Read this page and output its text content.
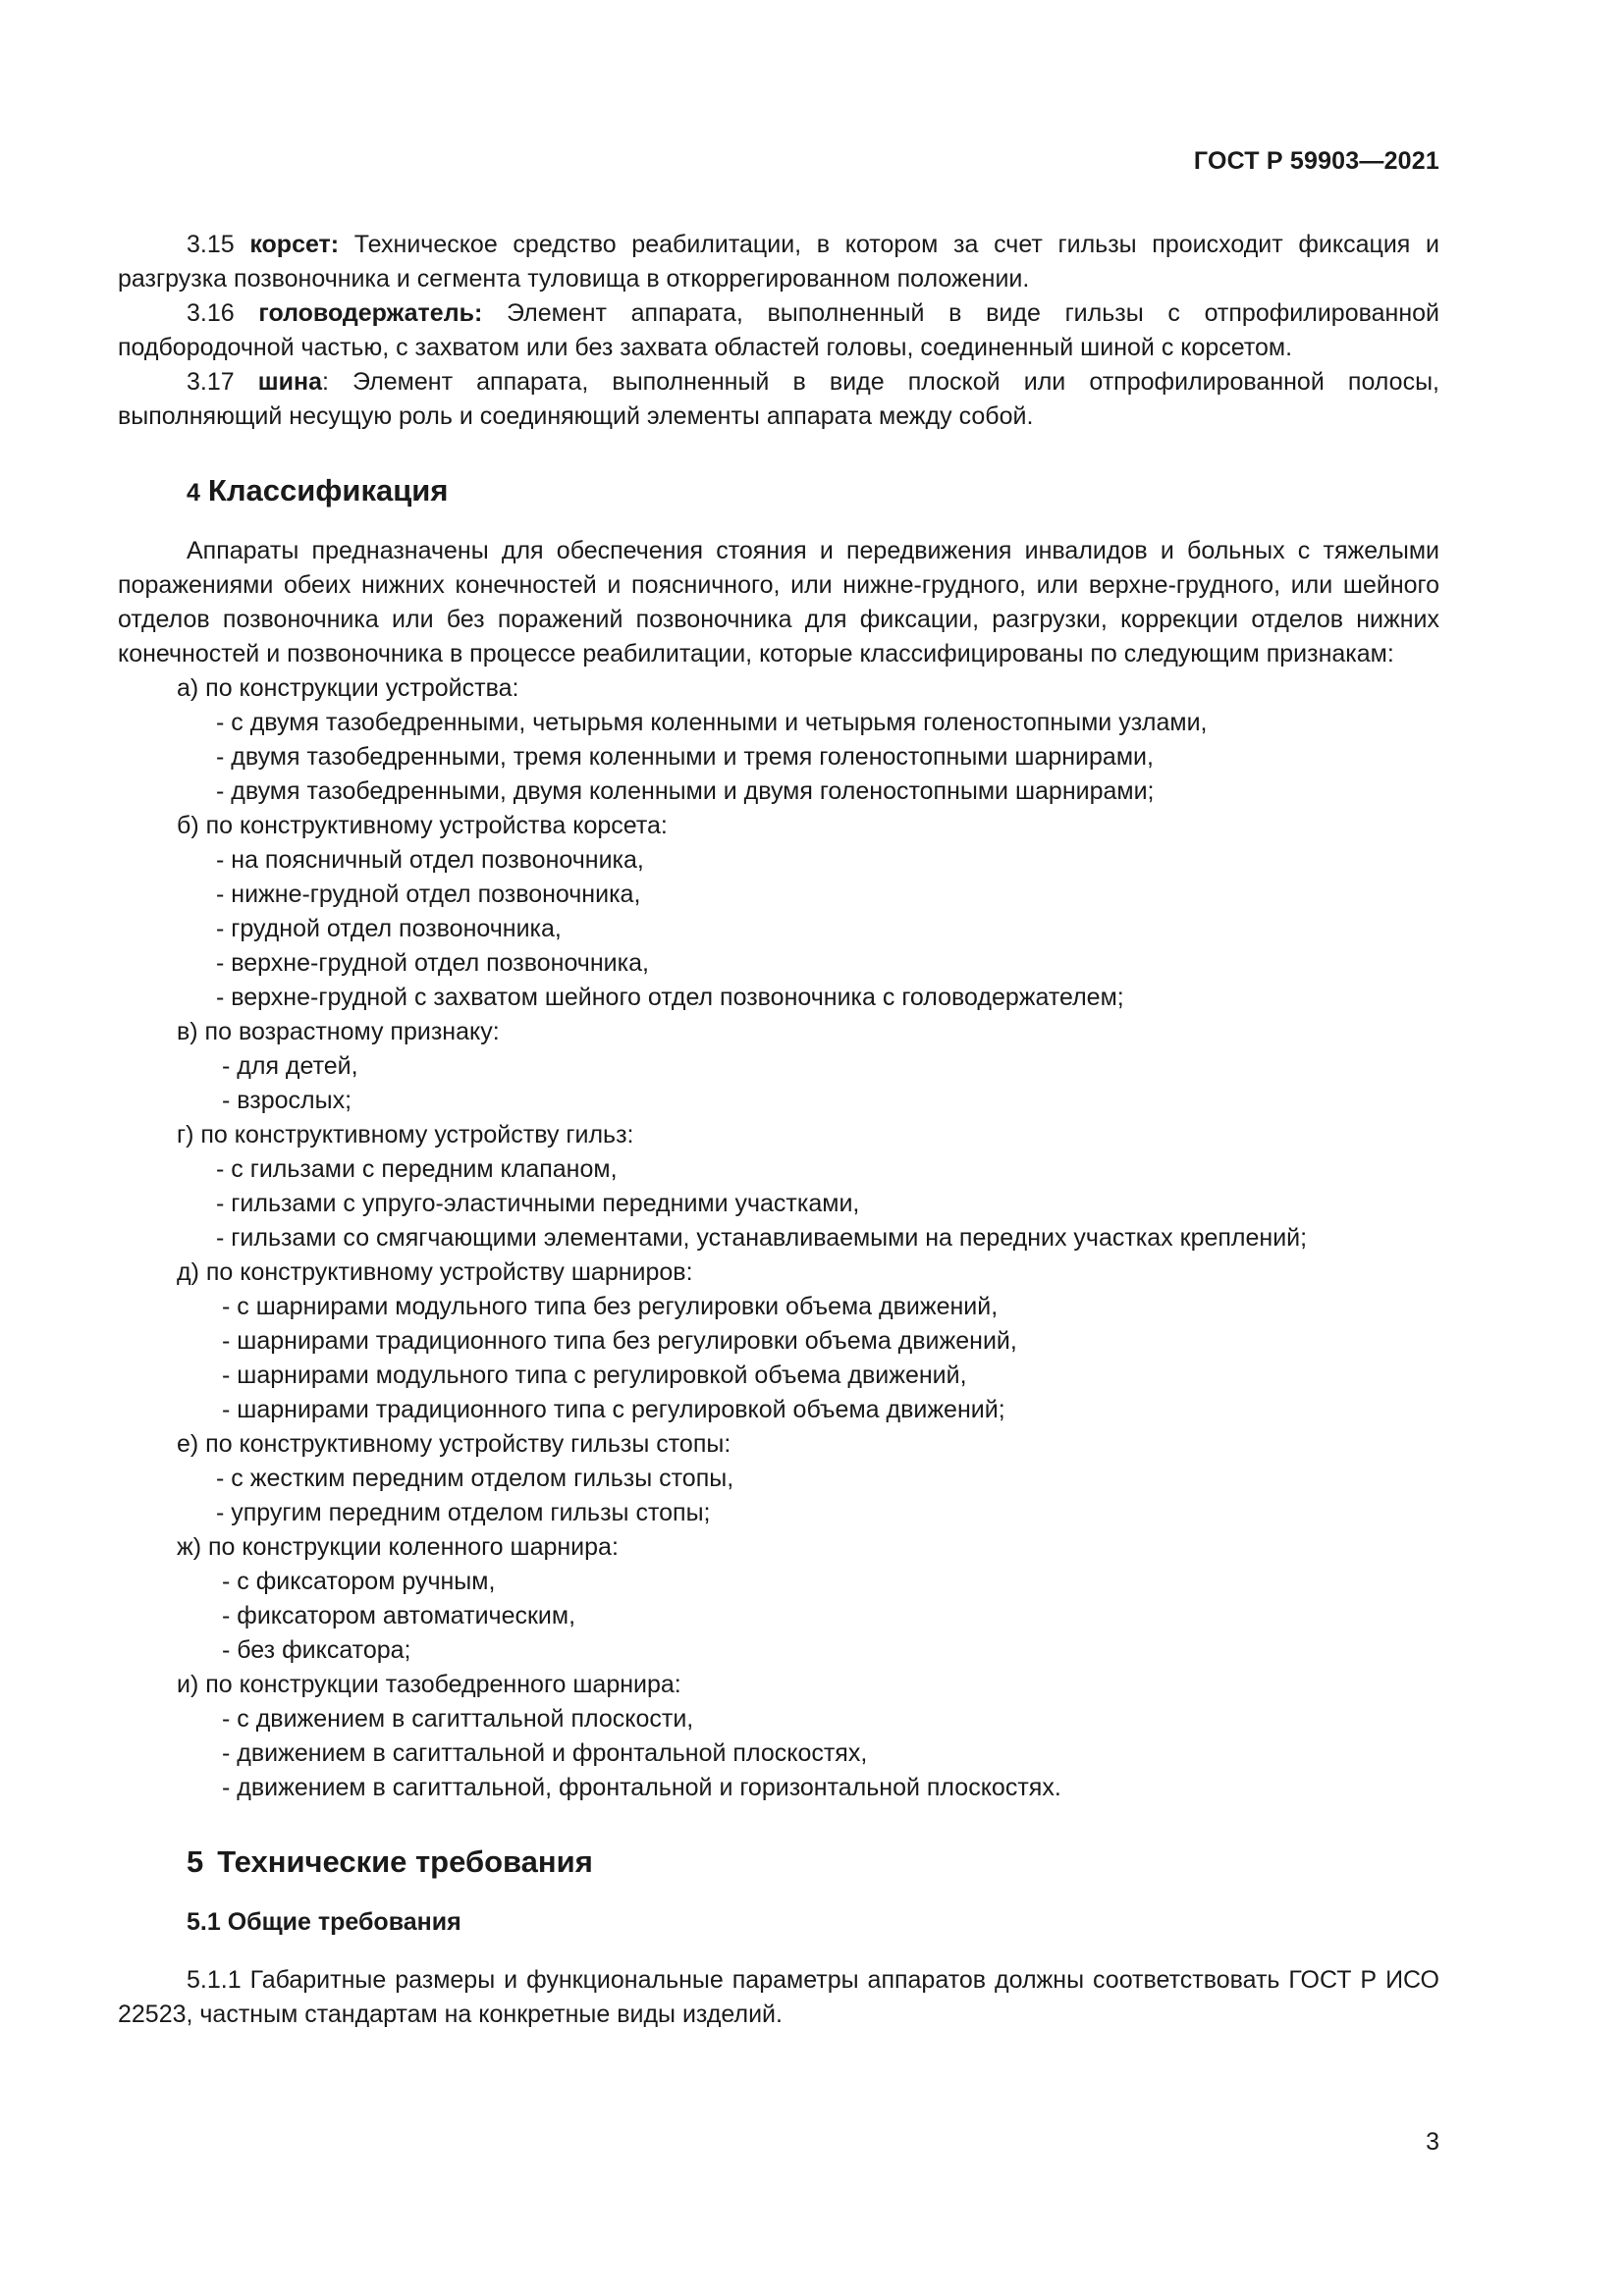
ГОСТ Р 59903—2021

3.15 корсет: Техническое средство реабилитации, в котором за счет гильзы происходит фиксация и разгрузка позвоночника и сегмента туловища в откоррегированном положении.

3.16 головодержатель: Элемент аппарата, выполненный в виде гильзы с отпрофилированной подбородочной частью, с захватом или без захвата областей головы, соединенный шиной с корсетом.

3.17 шина: Элемент аппарата, выполненный в виде плоской или отпрофилированной полосы, выполняющий несущую роль и соединяющий элементы аппарата между собой.

4 Классификация

Аппараты предназначены для обеспечения стояния и передвижения инвалидов и больных с тяжелыми поражениями обеих нижних конечностей и поясничного, или нижне-грудного, или верхне-грудного, или шейного отделов позвоночника или без поражений позвоночника для фиксации, разгрузки, коррекции отделов нижних конечностей и позвоночника в процессе реабилитации, которые классифицированы по следующим признакам:

а) по конструкции устройства:

- с двумя тазобедренными, четырьмя коленными и четырьмя голеностопными узлами,

- двумя тазобедренными, тремя коленными и тремя голеностопными шарнирами,

- двумя тазобедренными, двумя коленными и двумя голеностопными шарнирами;

б) по конструктивному устройства корсета:

- на поясничный отдел позвоночника,

- нижне-грудной отдел позвоночника,

- грудной отдел позвоночника,

- верхне-грудной отдел позвоночника,

- верхне-грудной с захватом шейного отдел позвоночника с головодержателем;

в) по возрастному признаку:

- для детей,

- взрослых;

г) по конструктивному устройству гильз:

- с гильзами с передним клапаном,

- гильзами с упруго-эластичными передними участками,

- гильзами со смягчающими элементами, устанавливаемыми на передних участках креплений;

д) по конструктивному устройству шарниров:

- с шарнирами модульного типа без регулировки объема движений,

- шарнирами традиционного типа без регулировки объема движений,

- шарнирами модульного типа с регулировкой объема движений,

- шарнирами традиционного типа с регулировкой объема движений;

е) по конструктивному устройству гильзы стопы:

- с жестким передним отделом гильзы стопы,

- упругим передним отделом гильзы стопы;

ж) по конструкции коленного шарнира:

- с фиксатором ручным,

- фиксатором автоматическим,

- без фиксатора;

и) по конструкции тазобедренного шарнира:

- с движением в сагиттальной плоскости,

- движением в сагиттальной и фронтальной плоскостях,

- движением в сагиттальной, фронтальной и горизонтальной плоскостях.

5 Технические требования
5.1 Общие требования

5.1.1 Габаритные размеры и функциональные параметры аппаратов должны соответствовать ГОСТ Р ИСО 22523, частным стандартам на конкретные виды изделий.

3
